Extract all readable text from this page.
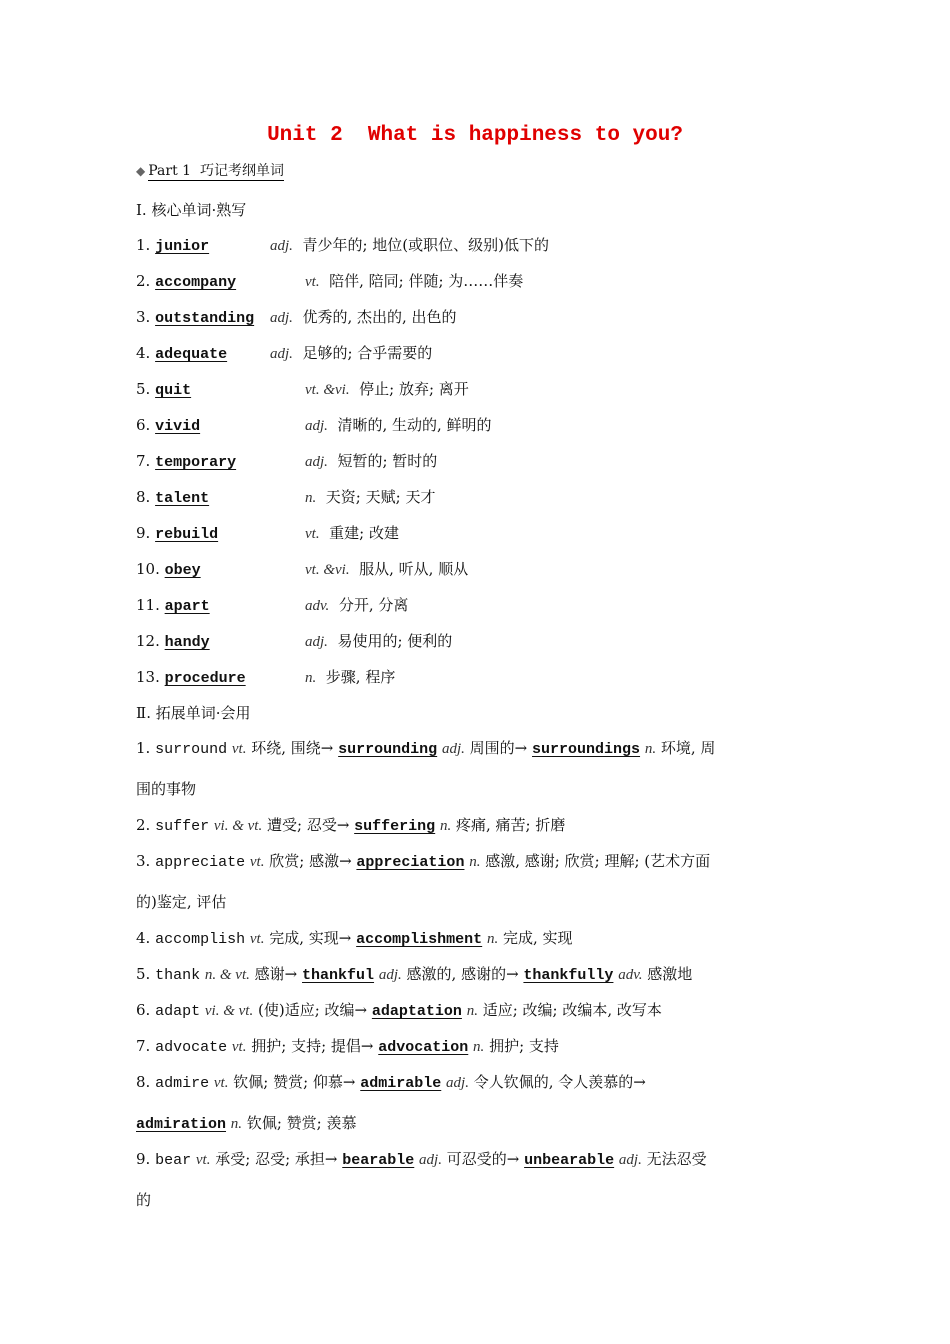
Unit 2  What is happiness to you?
◆ Part 1  巧记考纲单词
Ⅰ. 核心单词·熟写
1. junior	adj. 青少年的; 地位(或职位、级别)低下的
2. accompany	vt. 陪伴, 陪同; 伴随; 为……伴奏
3. outstanding adj. 优秀的, 杰出的, 出色的
4. adequate	adj. 足够的; 合乎需要的
5. quit	vt. &vi. 停止; 放弃; 离开
6. vivid	adj. 清晰的, 生动的, 鲜明的
7. temporary	adj. 短暂的; 暂时的
8. talent	n. 天资; 天赋; 天才
9. rebuild	vt. 重建; 改建
10. obey	vt. &vi. 服从, 听从, 顺从
11. apart	adv. 分开, 分离
12. handy	adj. 易使用的; 便利的
13. procedure	n. 步骤, 程序
Ⅱ. 拓展单词·会用
1. surround vt. 环绕, 围绕→ surrounding adj. 周围的→ surroundings n. 环境, 周
围的事物
2. suffer vi. & vt. 遭受; 忍受→ suffering n. 疼痛, 痛苦; 折磨
3. appreciate vt. 欣赏; 感激→ appreciation n. 感激, 感谢; 欣赏; 理解; (艺术方面
的)鉴定, 评估
4. accomplish vt. 完成, 实现→ accomplishment n. 完成, 实现
5. thank n. & vt. 感谢→ thankful adj. 感激的, 感谢的→ thankfully adv. 感激地
6. adapt vi. & vt. (使)适应; 改编→ adaptation n. 适应; 改编; 改编本, 改写本
7. advocate vt. 拥护; 支持; 提倡→ advocation n. 拥护; 支持
8. admire vt. 钦佩; 赞赏; 仰慕→ admirable adj. 令人钦佩的, 令人羡慕的→
admiration n. 钦佩; 赞赏; 羡慕
9. bear vt. 承受; 忍受; 承担→ bearable adj. 可忍受的→ unbearable adj. 无法忍受
的
